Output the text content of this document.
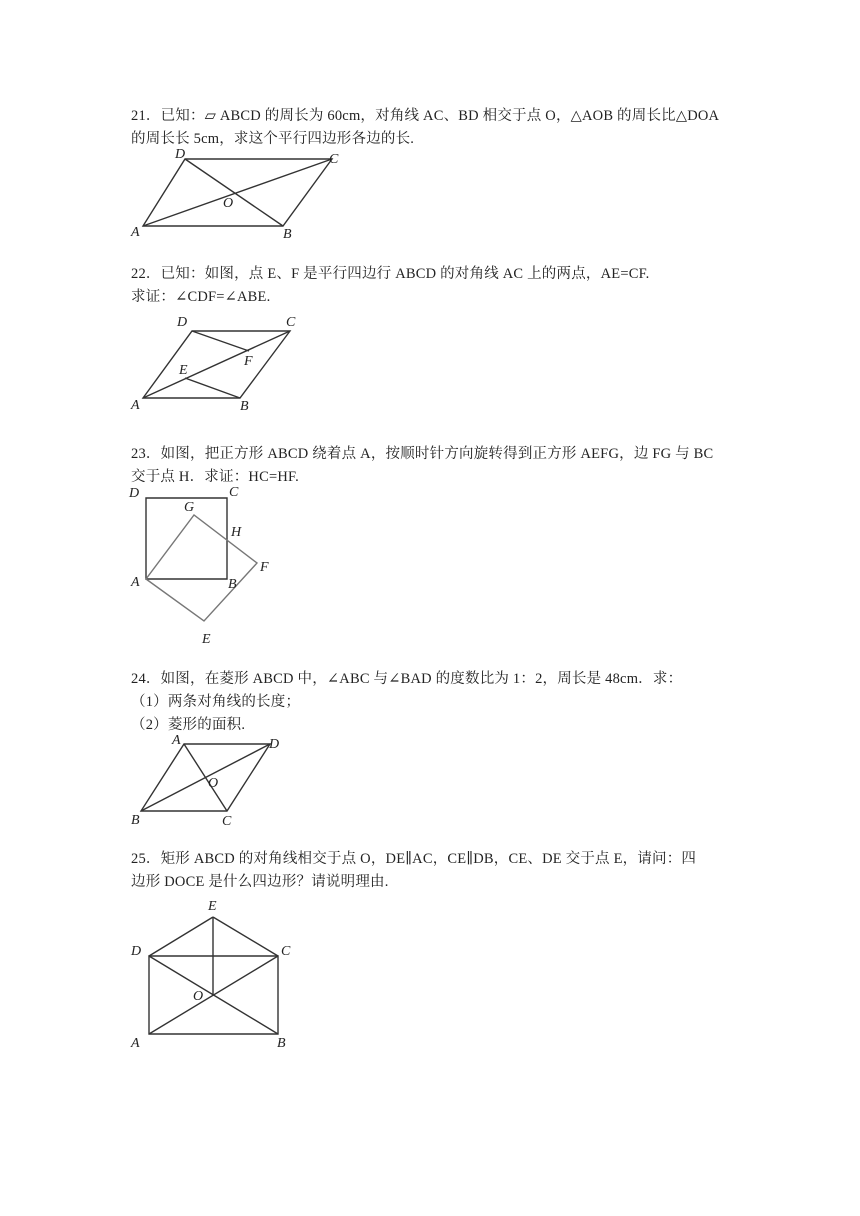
21．已知：▱ ABCD 的周长为 60cm，对角线 AC、BD 相交于点 O，△AOB 的周长比△DOA
的周长长 5cm，求这个平行四边形各边的长.
D	C
O
A	B
22．已知：如图，点 E、F 是平行四边行 ABCD 的对角线 AC 上的两点，AE=CF.
求证：∠CDF=∠ABE.
D	C
F
E
A	B
23．如图，把正方形 ABCD 绕着点 A，按顺时针方向旋转得到正方形 AEFG，边 FG 与 BC
交于点 H．求证：HC=HF.
D	C
G
H
F
A	B
E
24．如图，在菱形 ABCD 中，∠ABC 与∠BAD 的度数比为 1：2，周长是 48cm．求：
（1）两条对角线的长度；
（2）菱形的面积.
A	D
O
B	C
25．矩形 ABCD 的对角线相交于点 O，DE∥AC，CE∥DB，CE、DE 交于点 E，请问：四
边形 DOCE 是什么四边形？请说明理由.
E
D	C
O
A	B
